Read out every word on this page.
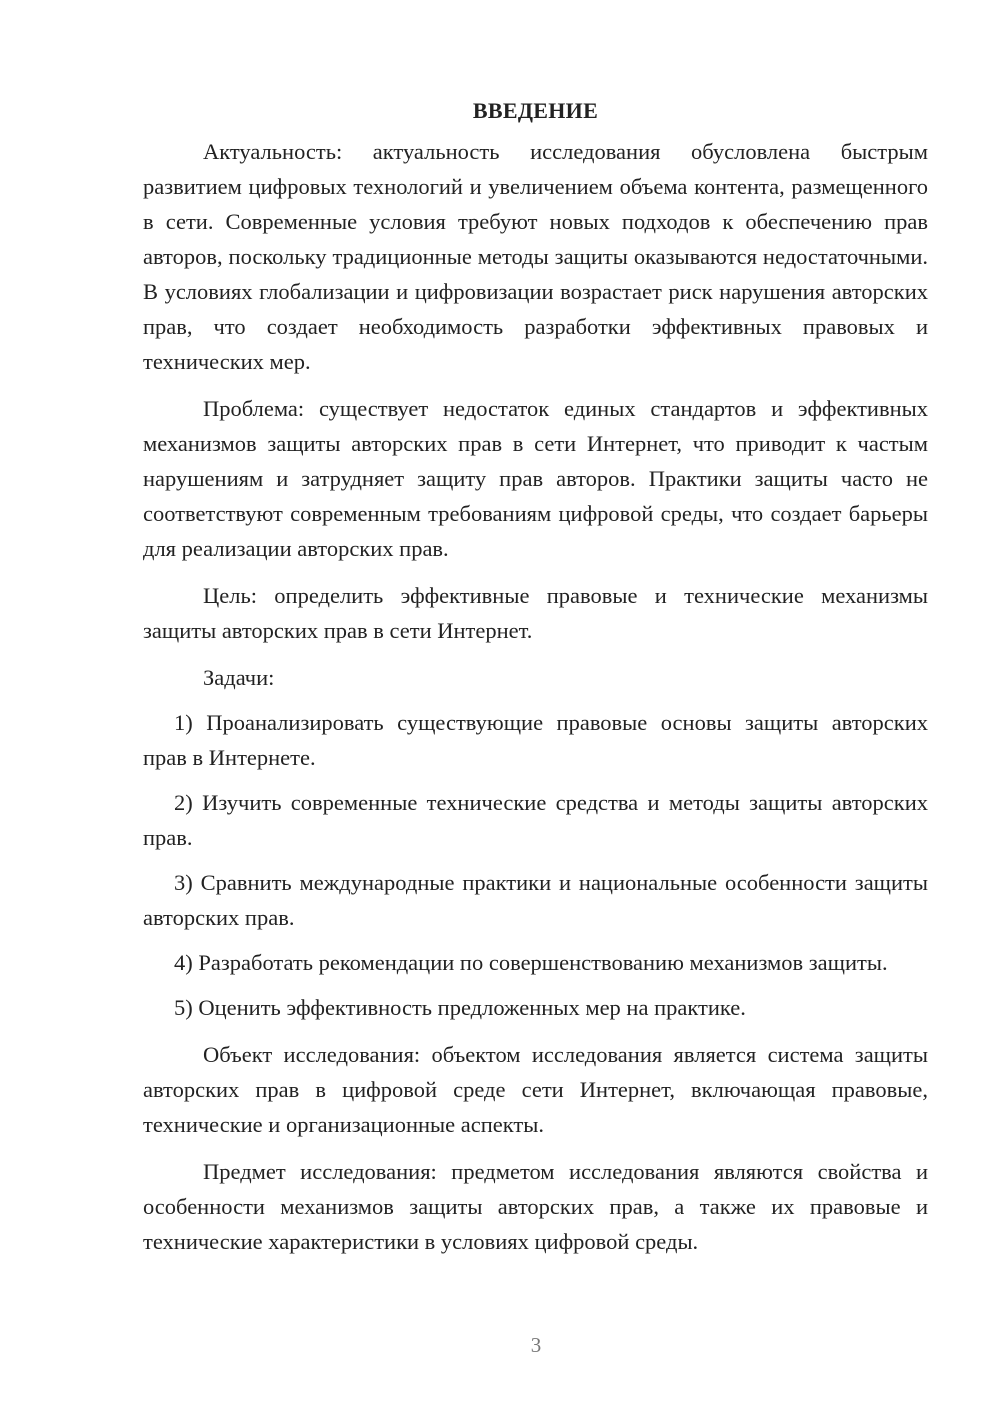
ВВЕДЕНИЕ

Актуальность: актуальность исследования обусловлена быстрым развитием цифровых технологий и увеличением объема контента, размещенного в сети. Современные условия требуют новых подходов к обеспечению прав авторов, поскольку традиционные методы защиты оказываются недостаточными. В условиях глобализации и цифровизации возрастает риск нарушения авторских прав, что создает необходимость разработки эффективных правовых и технических мер.

Проблема: существует недостаток единых стандартов и эффективных механизмов защиты авторских прав в сети Интернет, что приводит к частым нарушениям и затрудняет защиту прав авторов. Практики защиты часто не соответствуют современным требованиям цифровой среды, что создает барьеры для реализации авторских прав.

Цель: определить эффективные правовые и технические механизмы защиты авторских прав в сети Интернет.

Задачи:

1) Проанализировать существующие правовые основы защиты авторских прав в Интернете.

2) Изучить современные технические средства и методы защиты авторских прав.

3) Сравнить международные практики и национальные особенности защиты авторских прав.

4) Разработать рекомендации по совершенствованию механизмов защиты.

5) Оценить эффективность предложенных мер на практике.

Объект исследования: объектом исследования является система защиты авторских прав в цифровой среде сети Интернет, включающая правовые, технические и организационные аспекты.

Предмет исследования: предметом исследования являются свойства и особенности механизмов защиты авторских прав, а также их правовые и технические характеристики в условиях цифровой среды.

3
